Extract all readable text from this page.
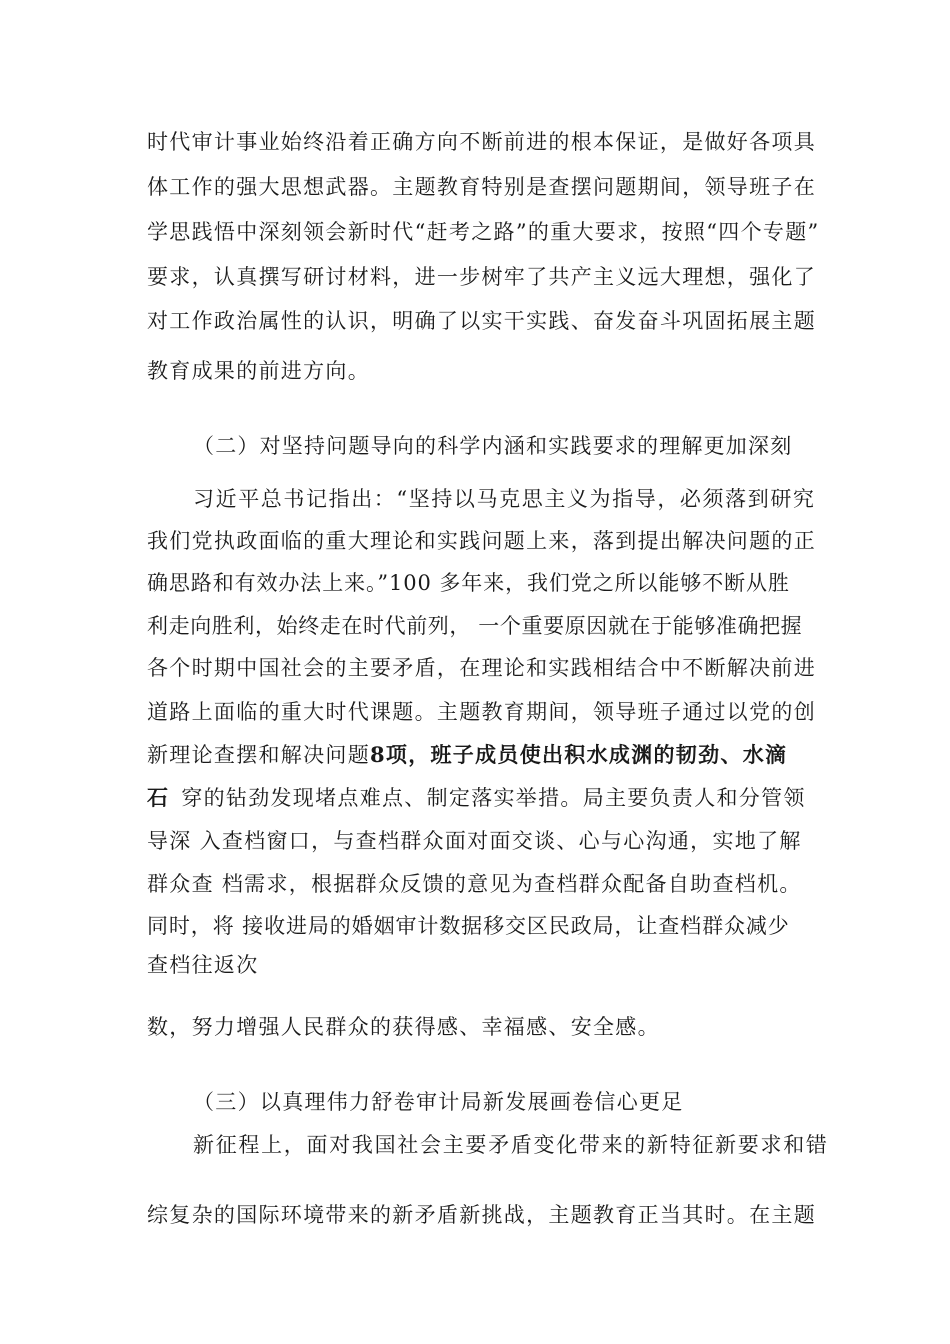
时代审计事业始终沿着正确方向不断前进的根本保证，是做好各项具
体工作的强大思想武器。主题教育特别是查摆问题期间，领导班子在
学思践悟中深刻领会新时代“赶考之路”的重大要求，按照“四个专题”
要求，认真撰写研讨材料，进一步树牢了共产主义远大理想，强化了
对工作政治属性的认识，明确了以实干实践、奋发奋斗巩固拓展主题
教育成果的前进方向。
（二）对坚持问题导向的科学内涵和实践要求的理解更加深刻
习近平总书记指出：“坚持以马克思主义为指导，必须落到研究
我们党执政面临的重大理论和实践问题上来，落到提出解决问题的正
确思路和有效办法上来。”100 多年来，我们党之所以能够不断从胜
利走向胜利，始终走在时代前列， 一个重要原因就在于能够准确把握
各个时期中国社会的主要矛盾，在理论和实践相结合中不断解决前进
道路上面临的重大时代课题。主题教育期间，领导班子通过以党的创
新理论查摆和解决问题8项，班子成员使出积水成渊的韧劲、水滴
石 穿的钻劲发现堵点难点、制定落实举措。局主要负责人和分管领
导深 入查档窗口，与查档群众面对面交谈、心与心沟通，实地了解
群众查 档需求，根据群众反馈的意见为查档群众配备自助查档机。
同时，将 接收进局的婚姻审计数据移交区民政局，让查档群众减少
查档往返次
数，努力增强人民群众的获得感、幸福感、安全感。
（三）以真理伟力舒卷审计局新发展画卷信心更足
新征程上，面对我国社会主要矛盾变化带来的新特征新要求和错
综复杂的国际环境带来的新矛盾新挑战，主题教育正当其时。在主题
